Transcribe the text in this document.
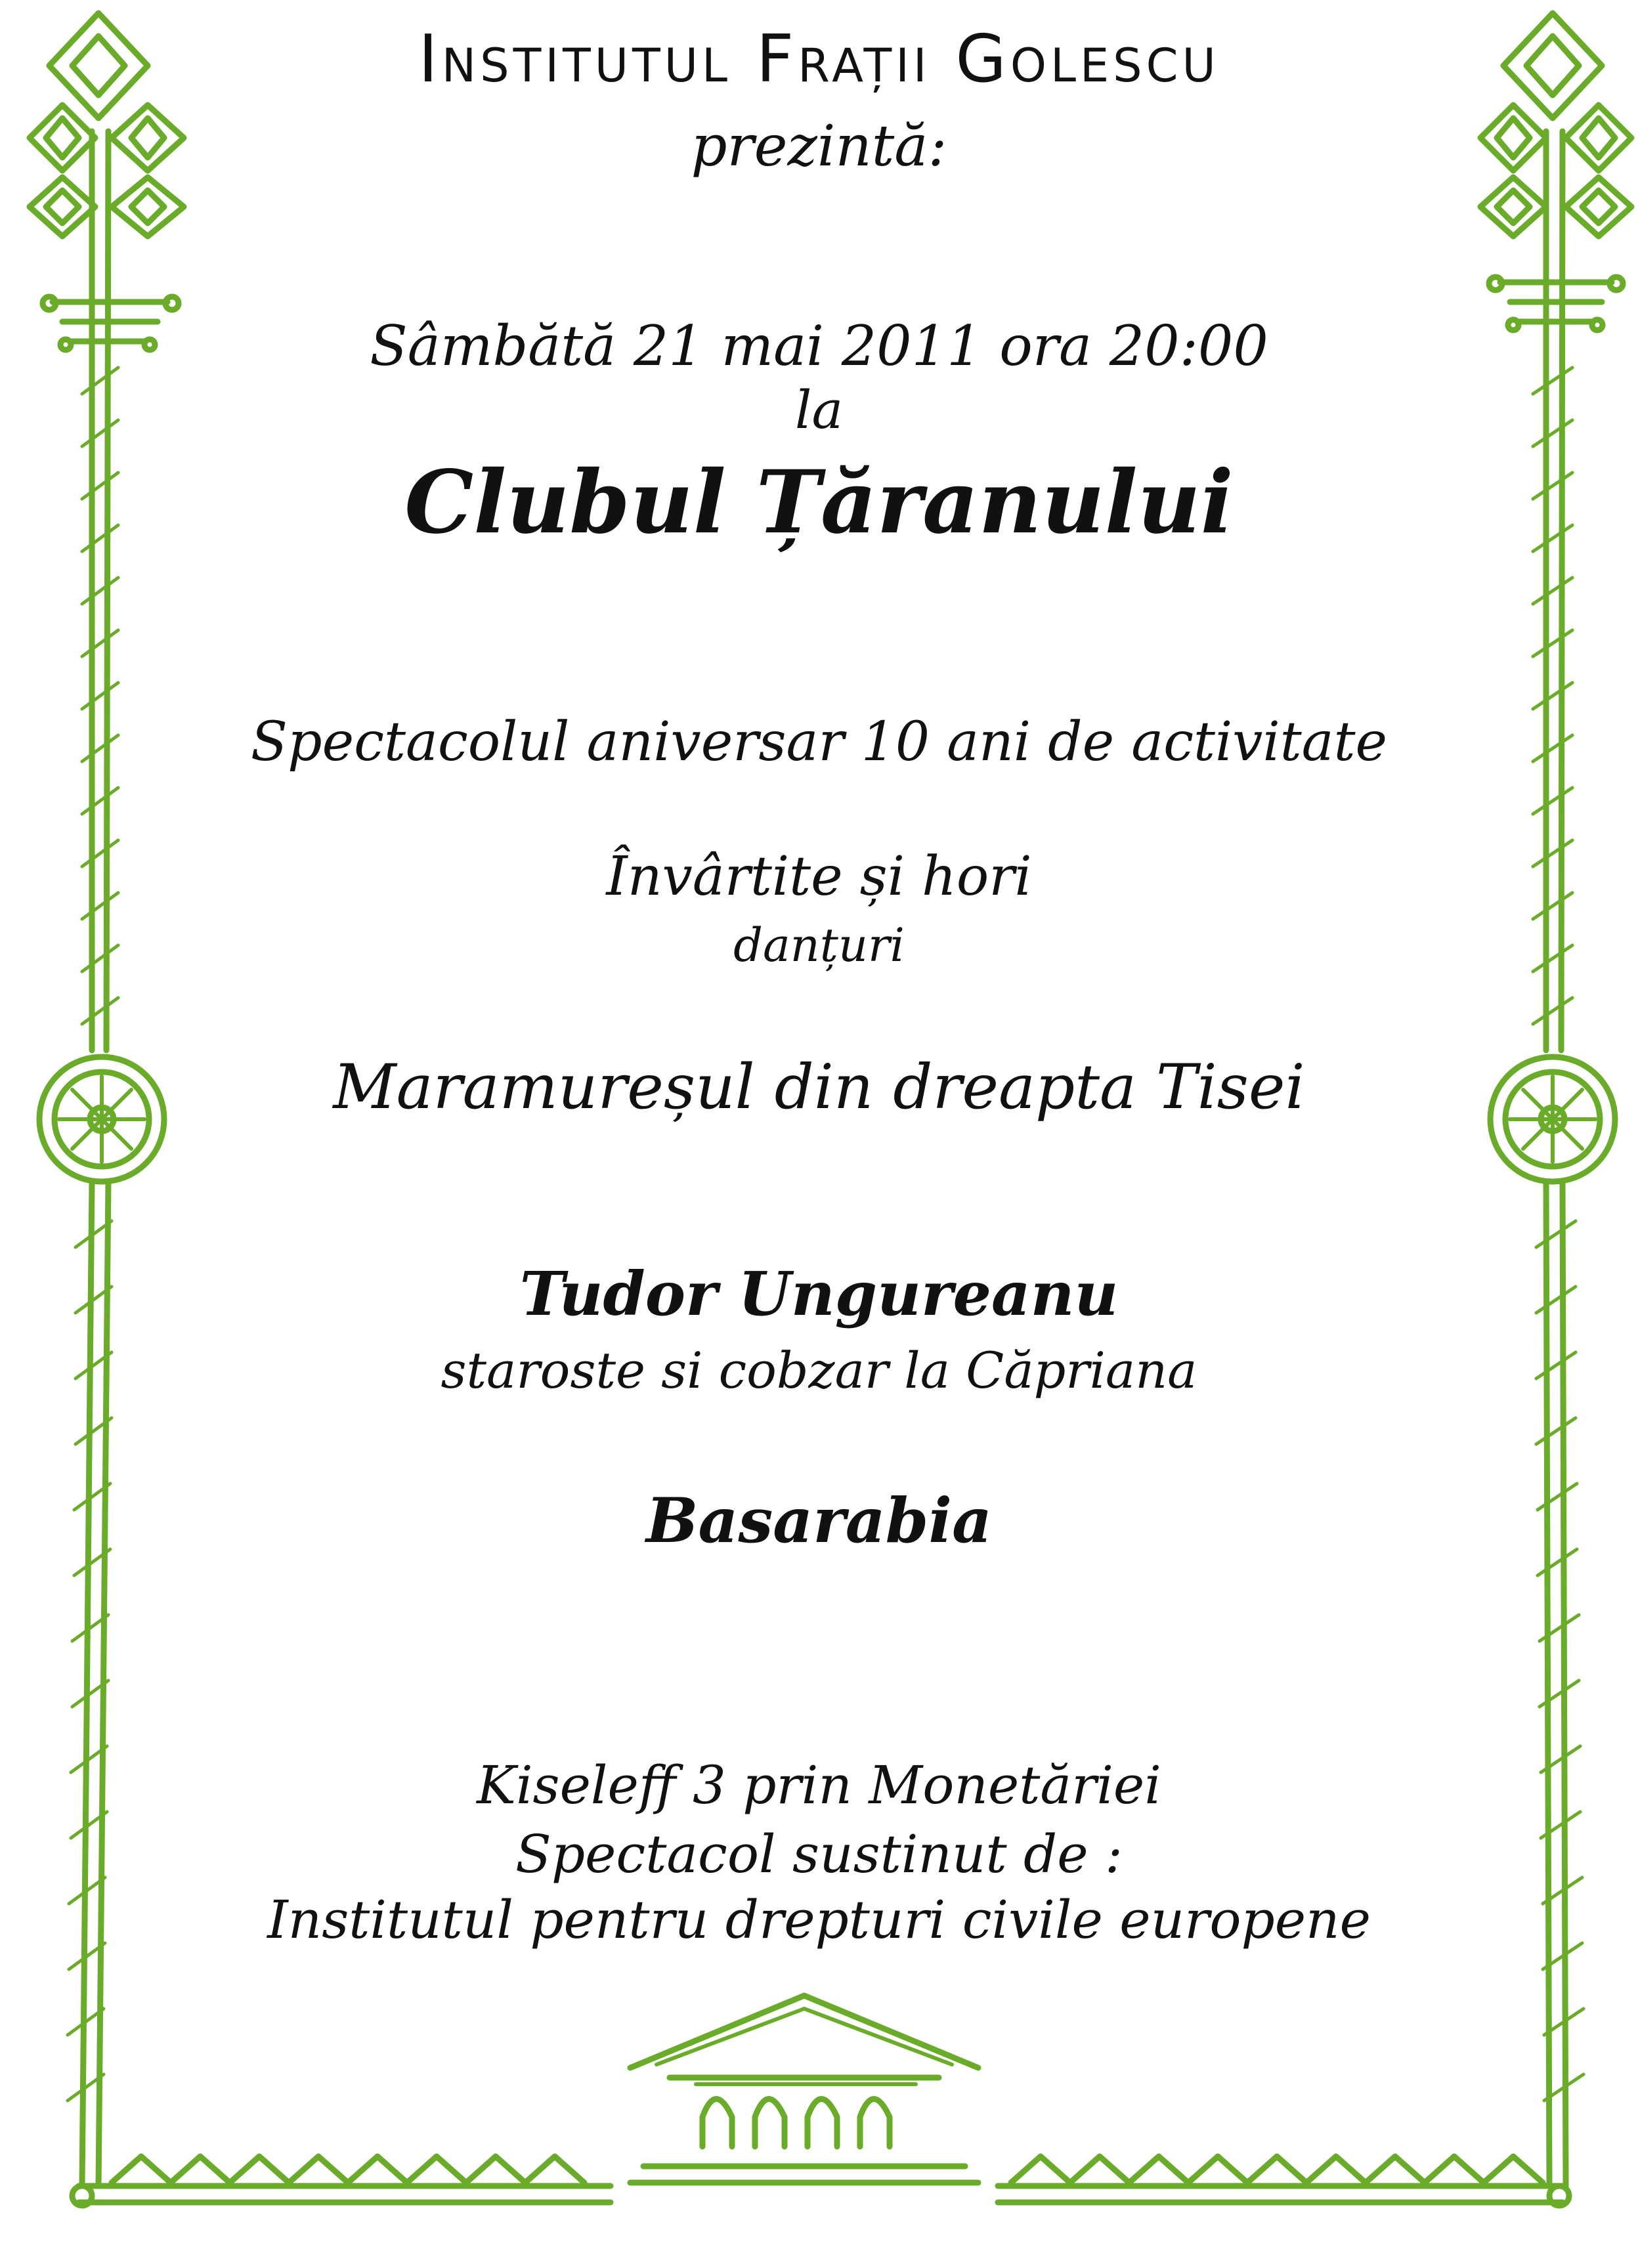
Institutul Frații Golescu
prezintă:
Sâmbătă 21 mai 2011 ora 20:00
la
Clubul Țăranului
Spectacolul aniversar 10 ani de activitate
Învârtite și hori
danțuri
Maramureșul din dreapta Tisei
Tudor Ungureanu
staroste si cobzar la Căpriana
Basarabia
Kiseleff 3 prin Monetăriei
Spectacol sustinut de :
Institutul pentru drepturi civile europene
